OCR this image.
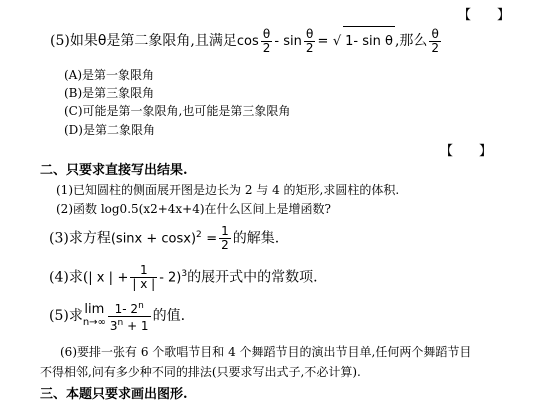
【　　】
(5)如果θ是第二象限角,且满足$\cos \frac{\theta}{2}$ - $\sin \frac{\theta}{2}$ = √ 1- sin θ ,那么 $\frac{\theta}{2}$
(A)是第一象限角
(B)是第三象限角
(C)可能是第一象限角,也可能是第三象限角
(D)是第二象限角
【　　】
二、只要求直接写出结果.
(1)已知圆柱的侧面展开图是边长为 2 与 4 的矩形,求圆柱的体积.
(2)函数 log0.5(x2+4x+4)在什么区间上是增函数?
(3)求方程$(\sin x + \cos x)^2 = \frac{1}{2}$ 的解集.
(4)求(| x | + $\frac{1}{| x |} - 2)^3$的展开式中的常数项.
(5)求 lim
$n\to\infty \frac{1- 2^n}{3^n + 1}$ 的值.
(6)要排一张有 6 个歌唱节目和 4 个舞蹈节目的演出节目单,任何两个舞蹈节目
不得相邻,问有多少种不同的排法(只要求写出式子,不必计算).
三、本题只要求画出图形.
